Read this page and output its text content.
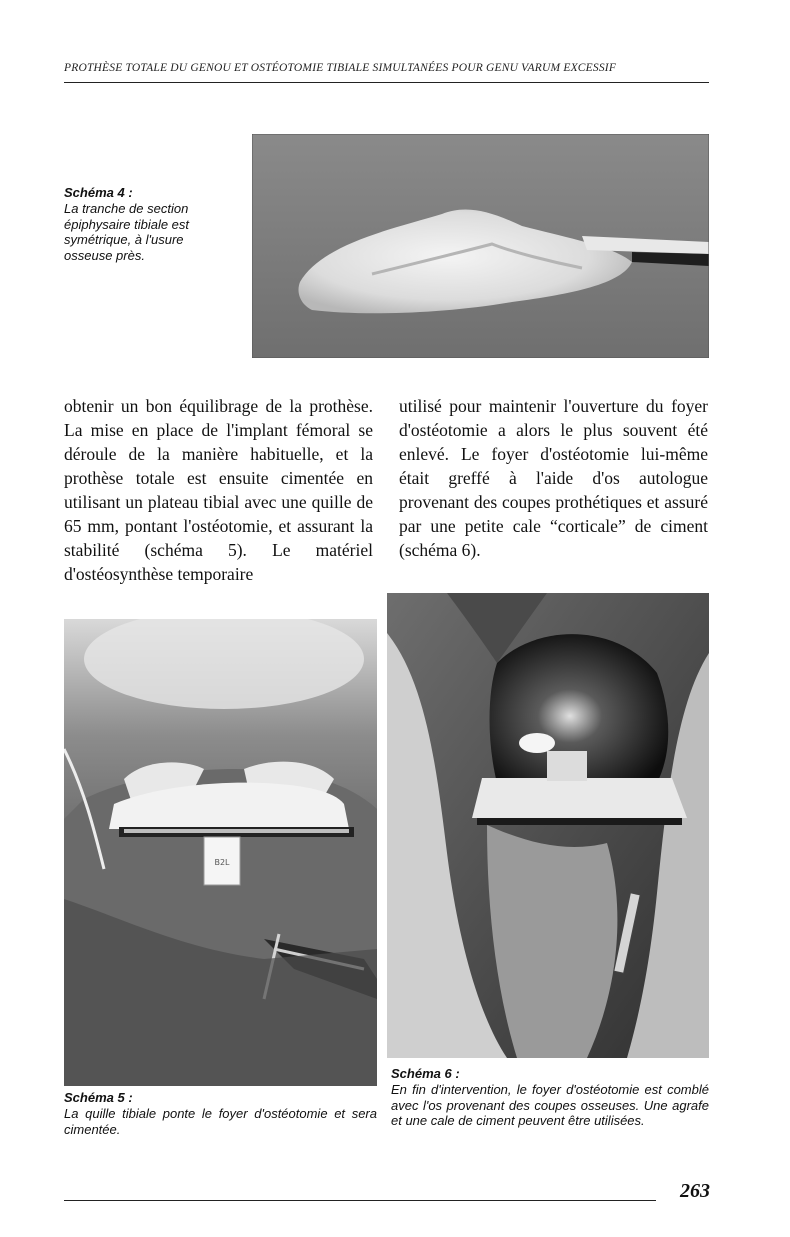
PROTHÈSE TOTALE DU GENOU ET OSTÉOTOMIE TIBIALE SIMULTANÉES POUR GENU VARUM EXCESSIF
Schéma 4 :
La tranche de section épiphysaire tibiale est symétrique, à l'usure osseuse près.

obtenir un bon équilibrage de la prothèse. La mise en place de l'implant fémoral se déroule de la manière habituelle, et la prothèse totale est ensuite cimentée en utilisant un plateau tibial avec une quille de 65 mm, pontant l'ostéotomie, et assurant la stabilité (schéma 5). Le matériel d'ostéosynthèse temporaire

utilisé pour maintenir l'ouverture du foyer d'ostéotomie a alors le plus souvent été enlevé. Le foyer d'ostéotomie lui-même était greffé à l'aide d'os autologue provenant des coupes prothétiques et assuré par une petite cale “corticale” de ciment (schéma 6).

B2L
Schéma 5 :
La quille tibiale ponte le foyer d'ostéotomie et sera cimentée.
Schéma 6 :
En fin d'intervention, le foyer d'ostéotomie est comblé avec l'os provenant des coupes osseuses. Une agrafe et une cale de ciment peuvent être utilisées.
263
